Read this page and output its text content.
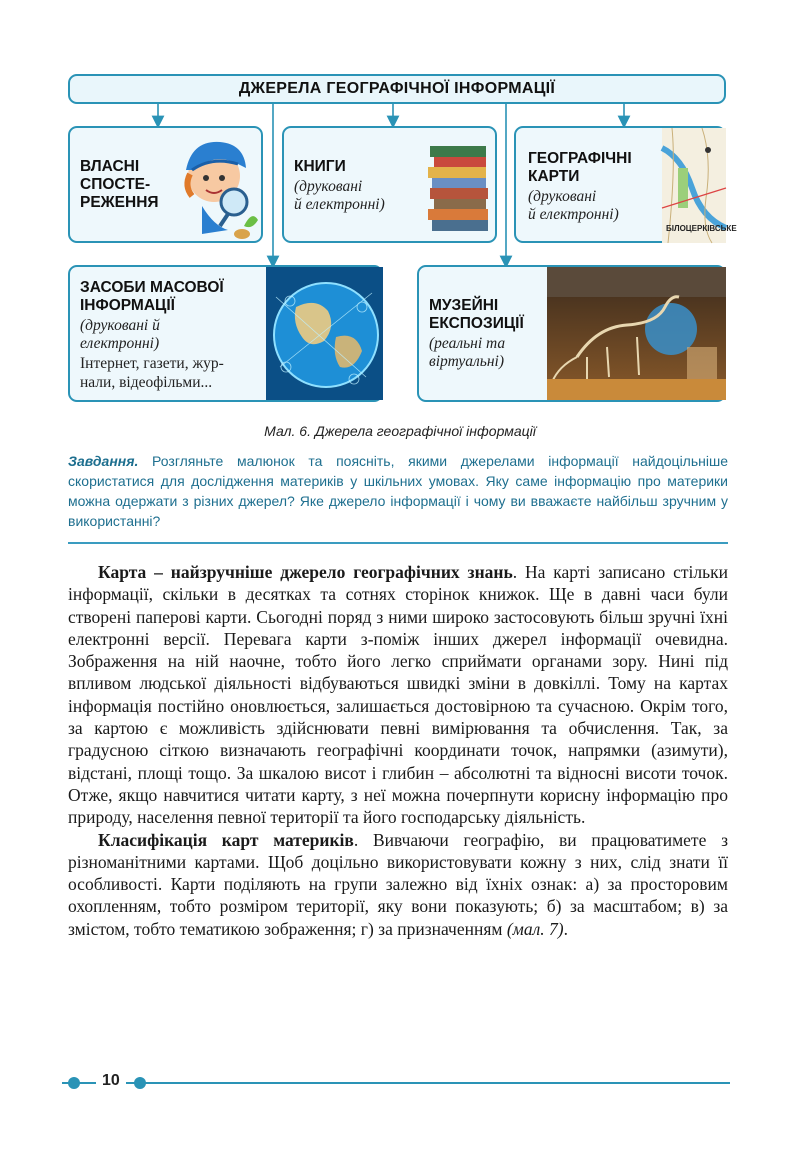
ДЖЕРЕЛА ГЕОГРАФІЧНОЇ ІНФОРМАЦІЇ
ВЛАСНІ
СПОСТЕ-
РЕЖЕННЯ
КНИГИ
(друковані
й електронні)
ГЕОГРАФІЧНІ
КАРТИ
(друковані
й електронні)
БІЛОЦЕРКІВСЬКЕ
ЗАСОБИ МАСОВОЇ
ІНФОРМАЦІЇ
(друковані й
електронні)
Інтернет, газети, жур-
нали, відеофільми...
МУЗЕЙНІ
ЕКСПОЗИЦІЇ
(реальні та
віртуальні)
Мал. 6. Джерела географічної інформації
Завдання. Розгляньте малюнок та поясніть, якими джерелами інформації найдоцільніше скористатися для дослідження материків у шкільних умовах. Яку саме інформацію про материки можна одержати з різних джерел? Яке джерело інформації і чому ви вважаєте найбільш зручним у використанні?

Карта – найзручніше джерело географічних знань. На карті записано стільки інформації, скільки в десятках та сотнях сторінок книжок. Ще в давні часи були створені паперові карти. Сьогодні поряд з ними широко застосовують більш зручні їхні електронні версії. Перевага карти з-поміж інших джерел інформації очевидна. Зображення на ній наочне, тобто його легко сприймати органами зору. Нині під впливом людської діяльності відбуваються швидкі зміни в довкіллі. Тому на картах інформація постійно оновлюється, залишається достовірною та сучасною. Окрім того, за картою є можливість здійснювати певні вимірювання та обчислення. Так, за градусною сіткою визначають географічні координати точок, напрямки (азимути), відстані, площі тощо. За шкалою висот і глибин – абсолютні та відносні висоти точок. Отже, якщо навчитися читати карту, з неї можна почерпнути корисну інформацію про природу, населення певної території та його господарську діяльність.

Класифікація карт материків. Вивчаючи географію, ви працюватимете з різноманітними картами. Щоб доцільно використовувати кожну з них, слід знати її особливості. Карти поділяють на групи залежно від їхніх ознак: а) за просторовим охопленням, тобто розміром території, яку вони показують; б) за масштабом; в) за змістом, тобто тематикою зображення; г) за призначенням (мал. 7).

10
